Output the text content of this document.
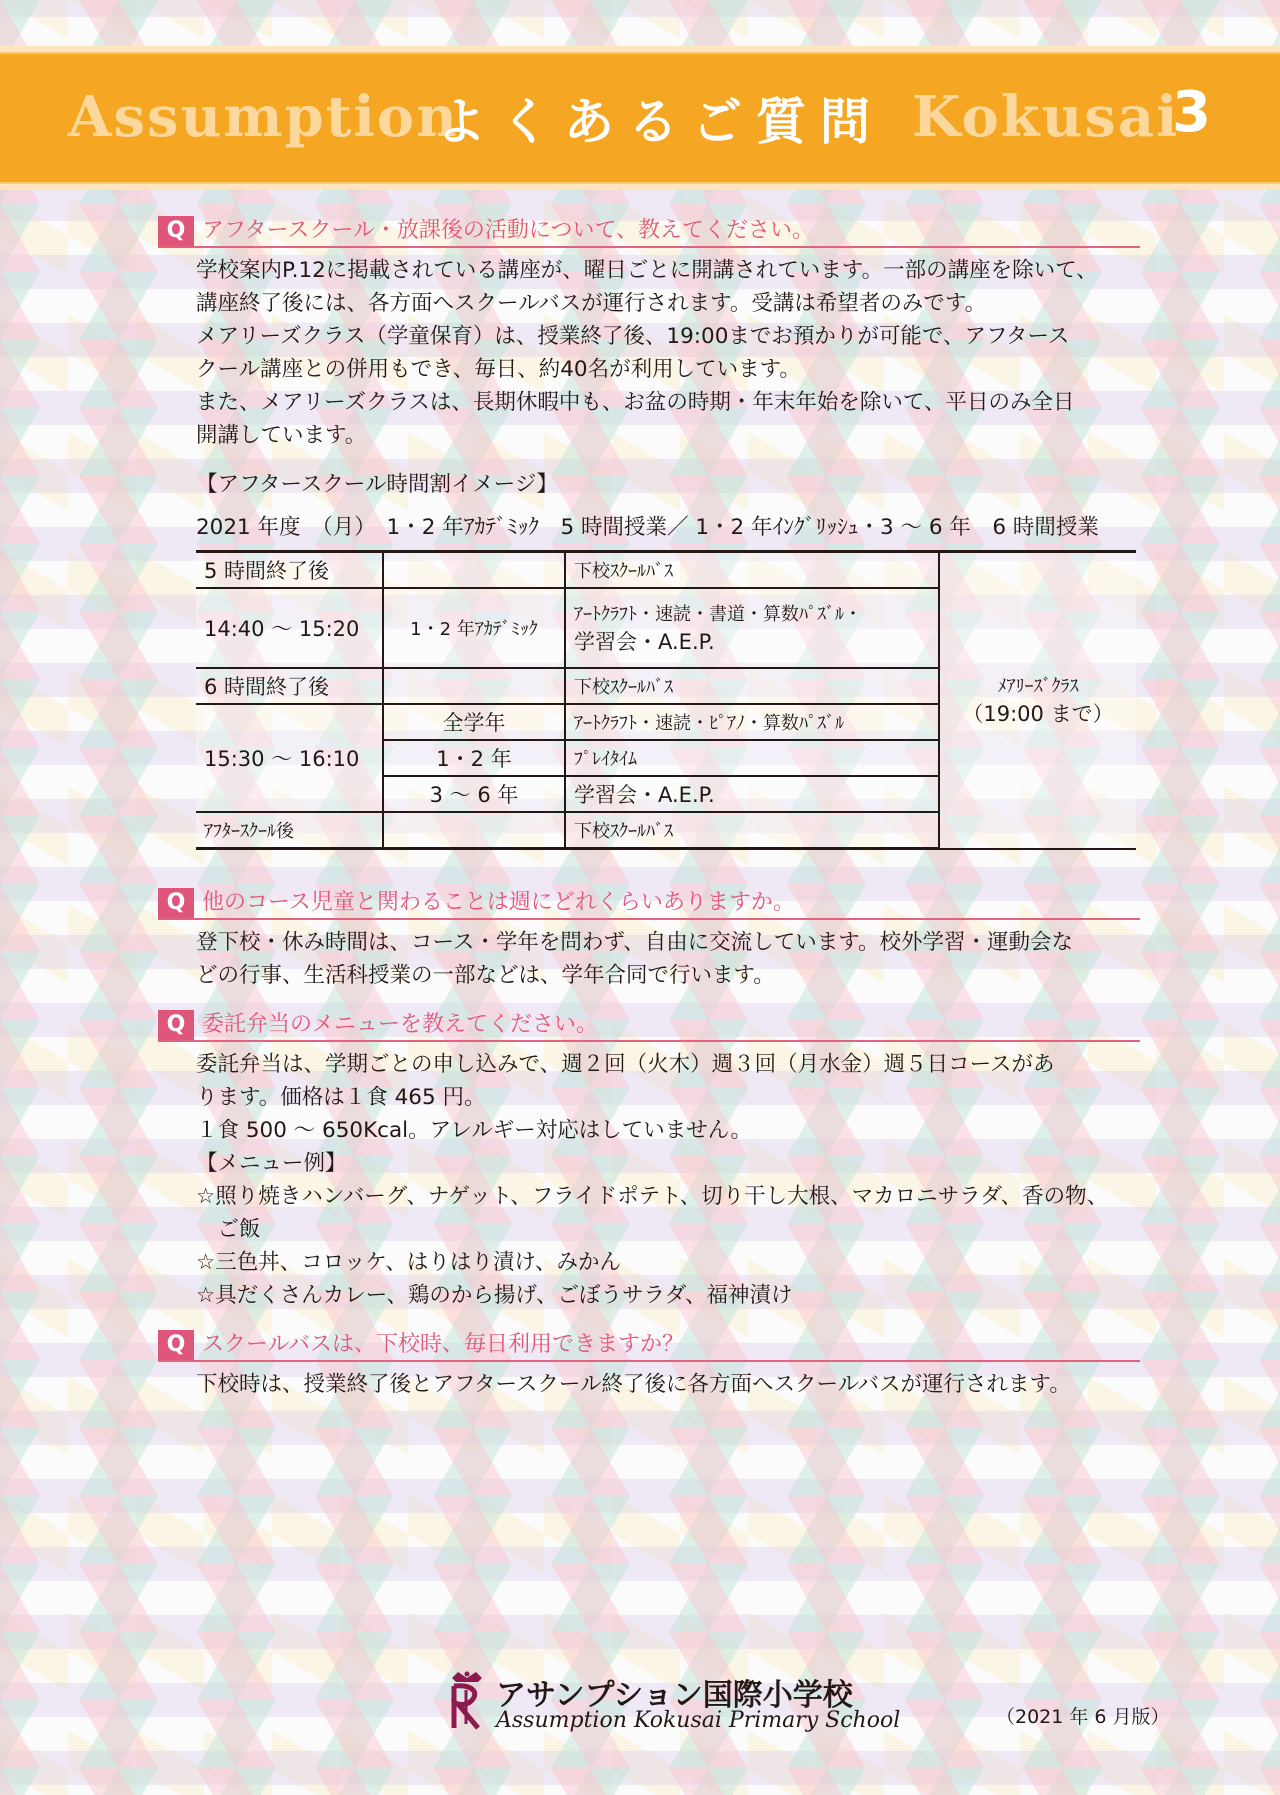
Assumption
よくあるご質問 Kokusai
3
Q アフタースクール・放課後の活動について、教えてください。

学校案内P.12に掲載されている講座が、曜日ごとに開講されています。一部の講座を除いて、

講座終了後には、各方面へスクールバスが運行されます。受講は希望者のみです。

メアリーズクラス（学童保育）は、授業終了後、19:00までお預かりが可能で、アフタース

クール講座との併用もでき、毎日、約40名が利用しています。

また、メアリーズクラスは、長期休暇中も、お盆の時期・年末年始を除いて、平日のみ全日

開講しています。

【アフタースクール時間割イメージ】
2021 年度　（月）　1・2 年ｱｶﾃﾞﾐｯｸ　5 時間授業／ 1・2 年ｲﾝｸﾞﾘｯｼｭ・3 ～ 6 年　6 時間授業
5 時間終了後		下校ｽｸｰﾙﾊﾞｽ	ﾒｱﾘｰｽﾞｸﾗｽ
（19:00 まで）

14:40 ～ 15:20	1・2 年ｱｶﾃﾞﾐｯｸ	ｱｰﾄｸﾗﾌﾄ・速読・書道・算数ﾊﾟｽﾞﾙ・
学習会・A.E.P.	

6 時間終了後		下校ｽｸｰﾙﾊﾞｽ	
15:30 ～ 16:10	全学年	ｱｰﾄｸﾗﾌﾄ・速読・ﾋﾟｱﾉ・算数ﾊﾟｽﾞﾙ	
	1・2 年	ﾌﾟﾚｲﾀｲﾑ	
	3 ～ 6 年	学習会・A.E.P.	
ｱﾌﾀｰｽｸｰﾙ後		下校ｽｸｰﾙﾊﾞｽ	
Q 他のコース児童と関わることは週にどれくらいありますか。

登下校・休み時間は、コース・学年を問わず、自由に交流しています。校外学習・運動会な

どの行事、生活科授業の一部などは、学年合同で行います。

Q 委託弁当のメニューを教えてください。

委託弁当は、学期ごとの申し込みで、週２回（火木）週３回（月水金）週５日コースがあ

ります。価格は１食 465 円。

１食 500 ～ 650Kcal。アレルギー対応はしていません。

【メニュー例】

☆照り焼きハンバーグ、ナゲット、フライドポテト、切り干し大根、マカロニサラダ、香の物、

　ご飯

☆三色丼、コロッケ、はりはり漬け、みかん

☆具だくさんカレー、鶏のから揚げ、ごぼうサラダ、福神漬け

Q スクールバスは、下校時、毎日利用できますか？

下校時は、授業終了後とアフタースクール終了後に各方面へスクールバスが運行されます。

アサンプション国際小学校
Assumption Kokusai Primary School	（2021 年 6 月版）
